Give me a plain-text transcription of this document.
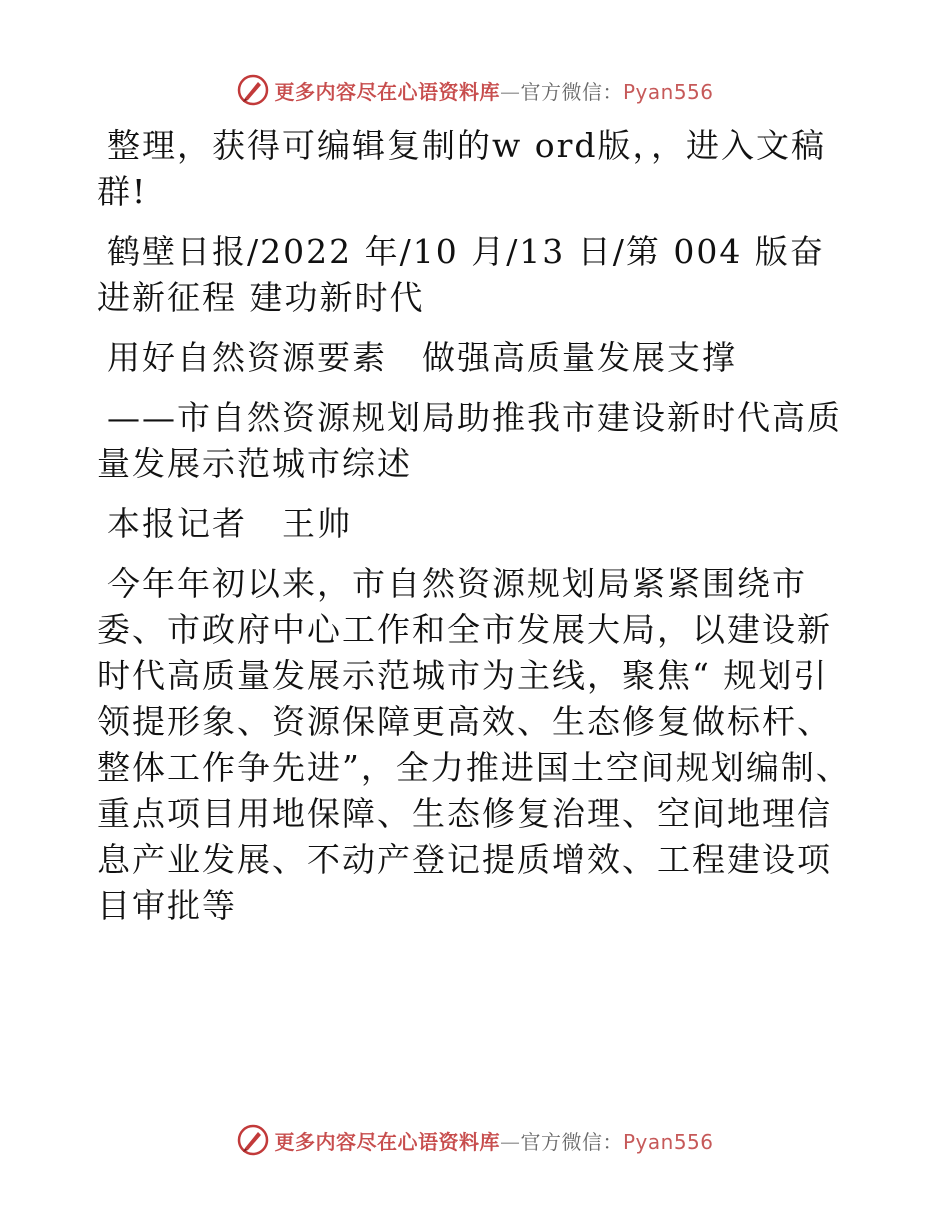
更多内容尽在心语资料库—官方微信：Pyan556

整理，获得可编辑复制的w ord版，，进入文稿群!

鹤壁日报/2022 年/10 月/13 日/第 004 版奋进新征程 建功新时代

用好自然资源要素　做强高质量发展支撑

——市自然资源规划局助推我市建设新时代高质量发展示范城市综述

本报记者　王帅

今年年初以来，市自然资源规划局紧紧围绕市委、市政府中心工作和全市发展大局，以建设新时代高质量发展示范城市为主线，聚焦“ 规划引领提形象、资源保障更高效、生态修复做标杆、整体工作争先进”，全力推进国土空间规划编制、重点项目用地保障、生态修复治理、空间地理信息产业发展、不动产登记提质增效、工程建设项目审批等

更多内容尽在心语资料库—官方微信：Pyan556
